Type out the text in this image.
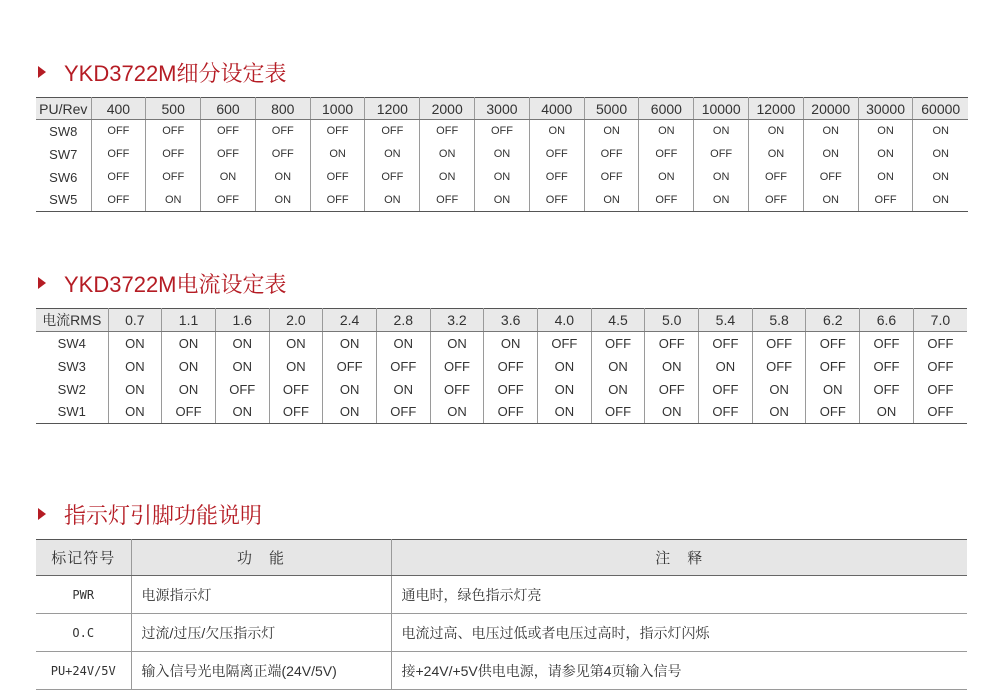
YKD3722M细分设定表
PU/Rev	400	500	600	800	1000	1200	2000	3000	4000	5000	6000	10000	12000	20000	30000	60000
SW8	OFF	OFF	OFF	OFF	OFF	OFF	OFF	OFF	ON	ON	ON	ON	ON	ON	ON	ON
SW7	OFF	OFF	OFF	OFF	ON	ON	ON	ON	OFF	OFF	OFF	OFF	ON	ON	ON	ON
SW6	OFF	OFF	ON	ON	OFF	OFF	ON	ON	OFF	OFF	ON	ON	OFF	OFF	ON	ON
SW5	OFF	ON	OFF	ON	OFF	ON	OFF	ON	OFF	ON	OFF	ON	OFF	ON	OFF	ON
YKD3722M电流设定表
电流RMS	0.7	1.1	1.6	2.0	2.4	2.8	3.2	3.6	4.0	4.5	5.0	5.4	5.8	6.2	6.6	7.0
SW4	ON	ON	ON	ON	ON	ON	ON	ON	OFF	OFF	OFF	OFF	OFF	OFF	OFF	OFF
SW3	ON	ON	ON	ON	OFF	OFF	OFF	OFF	ON	ON	ON	ON	OFF	OFF	OFF	OFF
SW2	ON	ON	OFF	OFF	ON	ON	OFF	OFF	ON	ON	OFF	OFF	ON	ON	OFF	OFF
SW1	ON	OFF	ON	OFF	ON	OFF	ON	OFF	ON	OFF	ON	OFF	ON	OFF	ON	OFF
指示灯引脚功能说明
标记符号	功　能	注　释
PWR	电源指示灯	通电时，绿色指示灯亮
O.C	过流/过压/欠压指示灯	电流过高、电压过低或者电压过高时，指示灯闪烁
PU+24V/5V	输入信号光电隔离正端(24V/5V)	接+24V/+5V供电电源，请参见第4页输入信号
